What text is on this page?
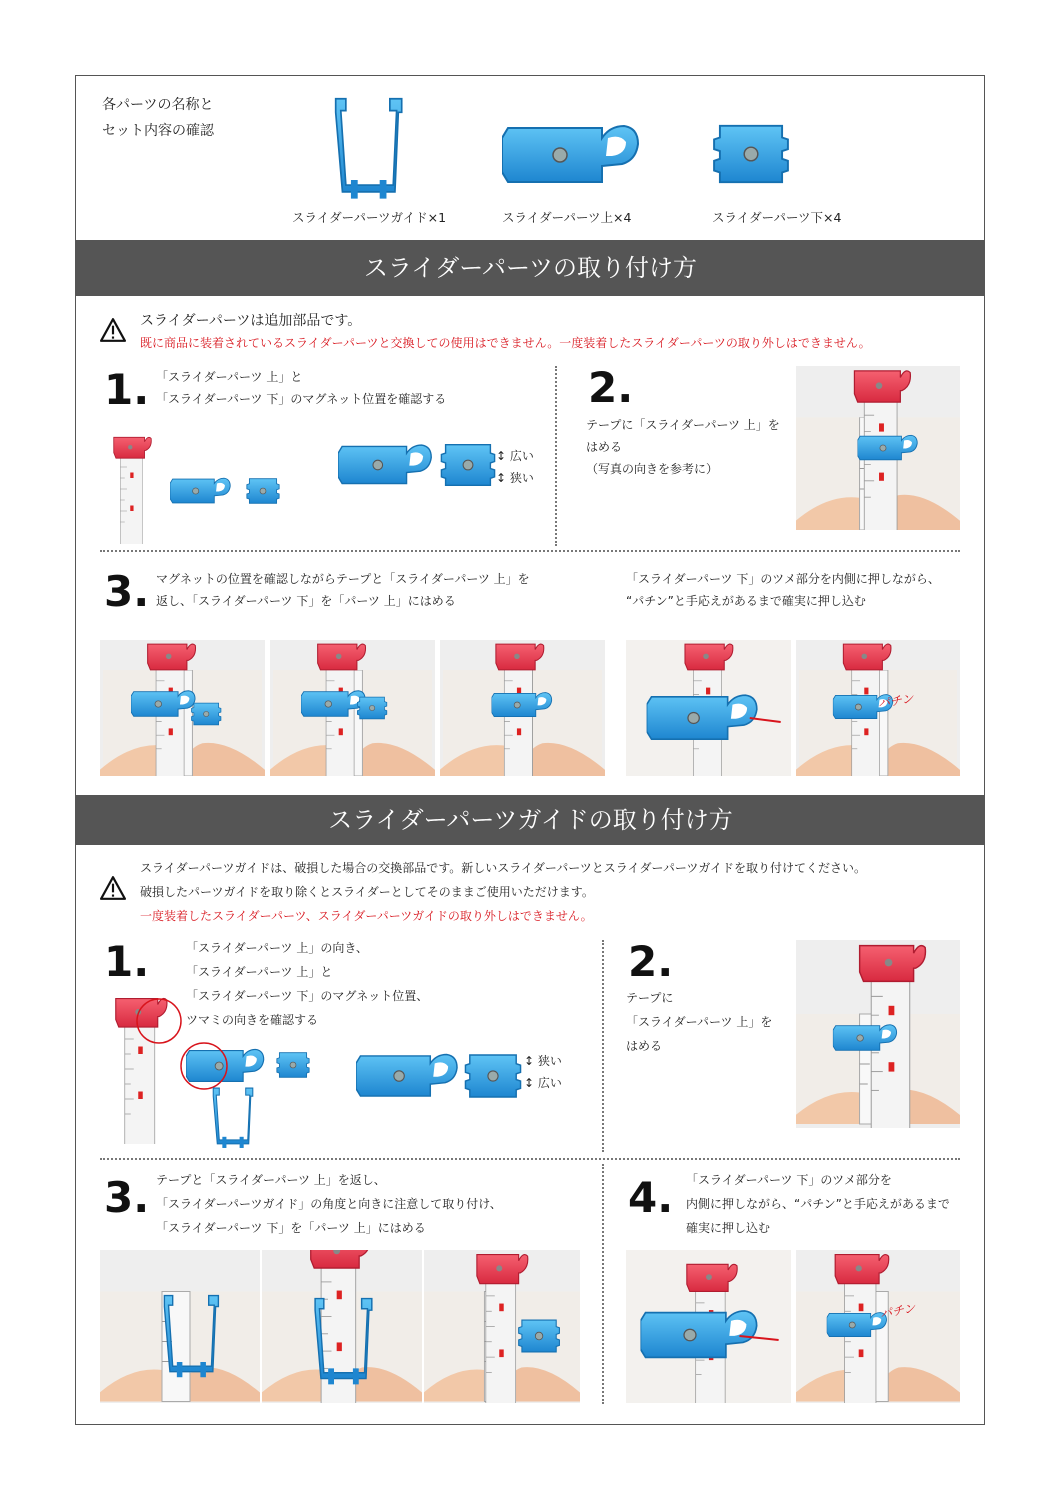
各パーツの名称と
セット内容の確認
スライダーパーツガイド×1	スライダーパーツ上×4	スライダーパーツ下×4
スライダーパーツの取り付け方
スライダーパーツは追加部品です。
既に商品に装着されているスライダーパーツと交換しての使用はできません。一度装着したスライダーパーツの取り外しはできません。
1. 「スライダーパーツ 上」と
「スライダーパーツ 下」のマグネット位置を確認する
↕ 広い
↕ 狭い
2.
テープに「スライダーパーツ 上」を
はめる
（写真の向きを参考に）
3. マグネットの位置を確認しながらテープと「スライダーパーツ 上」を
返し、「スライダーパーツ 下」を「パーツ 上」にはめる
「スライダーパーツ 下」のツメ部分を内側に押しながら、
“パチン”と手応えがあるまで確実に押し込む
パチン
スライダーパーツガイドの取り付け方
スライダーパーツガイドは、破損した場合の交換部品です。新しいスライダーパーツとスライダーパーツガイドを取り付けてください。
破損したパーツガイドを取り除くとスライダーとしてそのままご使用いただけます。
一度装着したスライダーパーツ、スライダーパーツガイドの取り外しはできません。
1.	「スライダーパーツ 上」の向き、
「スライダーパーツ 上」と
「スライダーパーツ 下」のマグネット位置、
ツマミの向きを確認する
↕ 狭い
↕ 広い
2.
テープに
「スライダーパーツ 上」を
はめる
3. テープと「スライダーパーツ 上」を返し、
「スライダーパーツガイド」の角度と向きに注意して取り付け、
「スライダーパーツ 下」を「パーツ 上」にはめる
4. 「スライダーパーツ 下」のツメ部分を
内側に押しながら、“パチン”と手応えがあるまで
確実に押し込む
パチン
